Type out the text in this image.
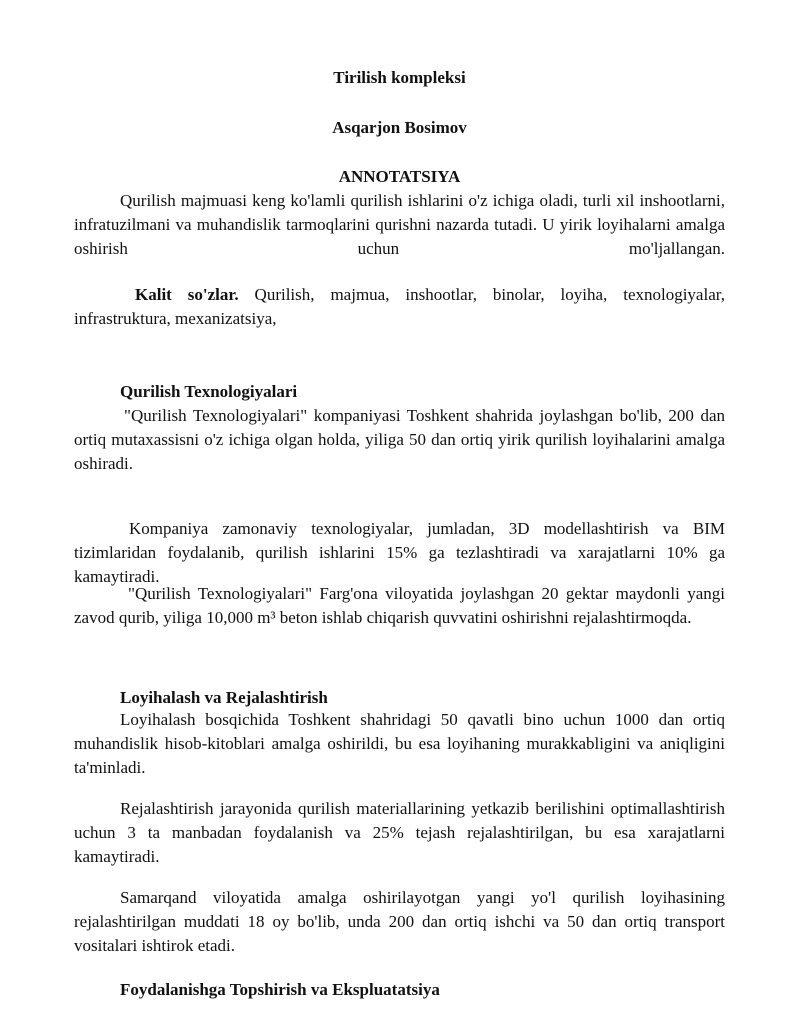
Tirilish kompleksi
Asqarjon Bosimov
ANNOTATSIYA
Qurilish majmuasi keng ko'lamli qurilish ishlarini o'z ichiga oladi, turli xil inshootlarni, infratuzilmani va muhandislik tarmoqlarini qurishni nazarda tutadi. U yirik loyihalarni amalga oshirish uchun mo'ljallangan.
Kalit so'zlar. Qurilish, majmua, inshootlar, binolar, loyiha, texnologiyalar, infrastruktura, mexanizatsiya,
Qurilish Texnologiyalari
"Qurilish Texnologiyalari" kompaniyasi Toshkent shahrida joylashgan bo'lib, 200 dan ortiq mutaxassisni o'z ichiga olgan holda, yiliga 50 dan ortiq yirik qurilish loyihalarini amalga oshiradi.
Kompaniya zamonaviy texnologiyalar, jumladan, 3D modellashtirish va BIM tizimlaridan foydalanib, qurilish ishlarini 15% ga tezlashtiradi va xarajatlarni 10% ga kamaytiradi.
"Qurilish Texnologiyalari" Farg'ona viloyatida joylashgan 20 gektar maydonli yangi zavod qurib, yiliga 10,000 m³ beton ishlab chiqarish quvvatini oshirishni rejalashtirmoqda.
Loyihalash va Rejalashtirish
Loyihalash bosqichida Toshkent shahridagi 50 qavatli bino uchun 1000 dan ortiq muhandislik hisob-kitoblari amalga oshirildi, bu esa loyihaning murakkabligini va aniqligini ta'minladi.
Rejalashtirish jarayonida qurilish materiallarining yetkazib berilishini optimallashtirish uchun 3 ta manbadan foydalanish va 25% tejash rejalashtirilgan, bu esa xarajatlarni kamaytiradi.
Samarqand viloyatida amalga oshirilayotgan yangi yo'l qurilish loyihasining rejalashtirilgan muddati 18 oy bo'lib, unda 200 dan ortiq ishchi va 50 dan ortiq transport vositalari ishtirok etadi.
Foydalanishga Topshirish va Ekspluatatsiya
